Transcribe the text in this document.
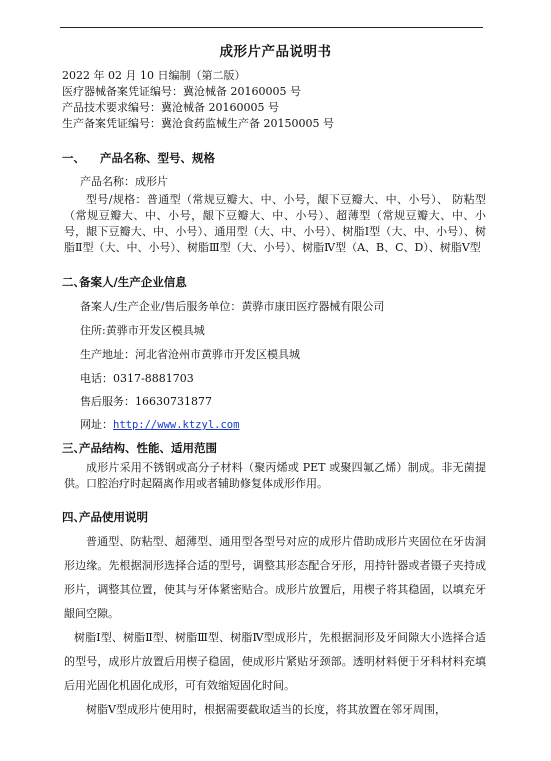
成形片产品说明书
2022 年 02 月 10 日编制（第二版）
医疗器械备案凭证编号：冀沧械备 20160005 号
产品技术要求编号：冀沧械备 20160005 号
生产备案凭证编号：冀沧食药监械生产备 20150005 号
一、 产品名称、型号、规格
产品名称：成形片
型号/规格：普通型（常规豆瓣大、中、小号，龈下豆瓣大、中、小号）、 防粘型 （常规豆瓣大、中、小号，龈下豆瓣大、中、小号）、超薄型（常规豆瓣大、中、小号，龈下豆瓣大、中、小号）、通用型（大、中、小号）、树脂Ⅰ型（大、中、小号）、树脂Ⅱ型（大、中、小号）、树脂Ⅲ型（大、小号）、树脂Ⅳ型（A、B、C、D）、树脂Ⅴ型
二、备案人/生产企业信息
备案人/生产企业/售后服务单位：黄骅市康田医疗器械有限公司
住所:黄骅市开发区模具城
生产地址：河北省沧州市黄骅市开发区模具城
电话：0317-8881703
售后服务：16630731877
网址：http://www.ktzyl.com
三、产品结构、性能、适用范围
成形片采用不锈钢或高分子材料（聚丙烯或 PET 或聚四氟乙烯）制成。非无菌提供。口腔治疗时起隔离作用或者辅助修复体成形作用。
四、产品使用说明
普通型、防粘型、超薄型、通用型各型号对应的成形片借助成形片夹固位在牙齿洞形边缘。先根据洞形选择合适的型号，调整其形态配合牙形，用持针器或者镊子夹持成形片，调整其位置，使其与牙体紧密贴合。成形片放置后，用楔子将其稳固，以填充牙龈间空隙。
树脂Ⅰ型、树脂Ⅱ型、树脂Ⅲ型、树脂Ⅳ型成形片，先根据洞形及牙间隙大小选择合适的型号，成形片放置后用楔子稳固，使成形片紧贴牙颈部。透明材料便于牙科材料充填后用光固化机固化成形，可有效缩短固化时间。
树脂Ⅴ型成形片使用时，根据需要截取适当的长度，将其放置在邻牙周围，
